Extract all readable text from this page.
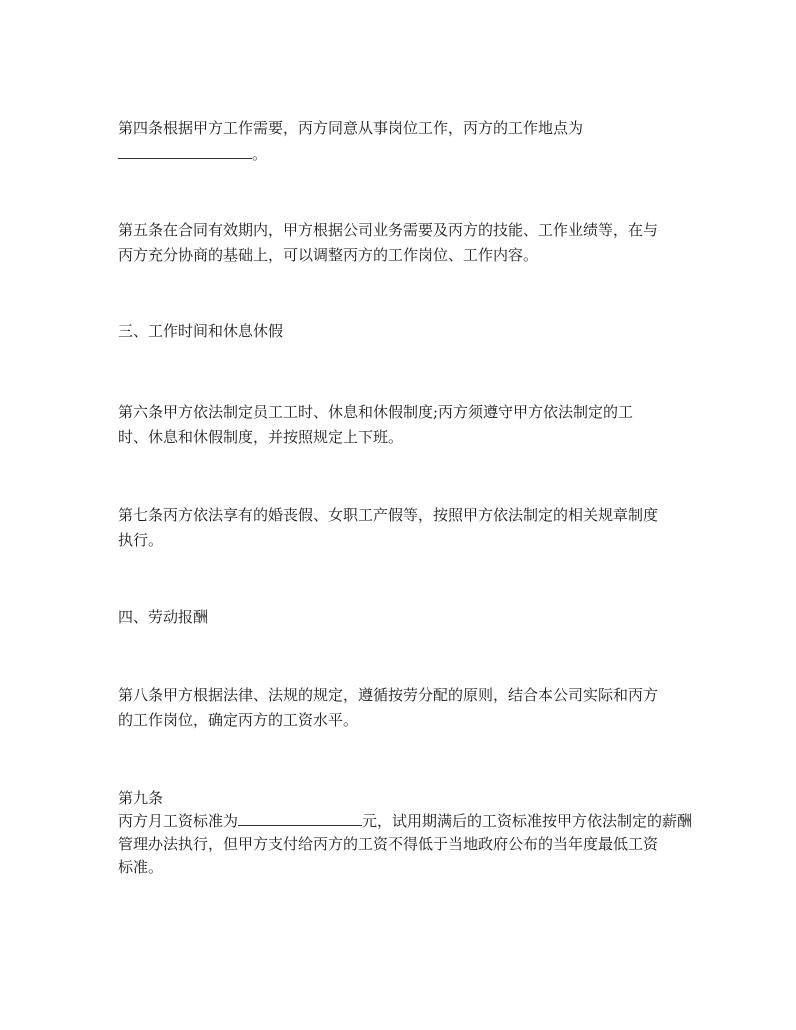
第四条根据甲方工作需要，丙方同意从事岗位工作，丙方的工作地点为
。
第五条在合同有效期内，甲方根据公司业务需要及丙方的技能、工作业绩等，在与
丙方充分协商的基础上，可以调整丙方的工作岗位、工作内容。
三、工作时间和休息休假
第六条甲方依法制定员工工时、休息和休假制度;丙方须遵守甲方依法制定的工
时、休息和休假制度，并按照规定上下班。
第七条丙方依法享有的婚丧假、女职工产假等，按照甲方依法制定的相关规章制度
执行。
四、劳动报酬
第八条甲方根据法律、法规的规定，遵循按劳分配的原则，结合本公司实际和丙方
的工作岗位，确定丙方的工资水平。
第九条
丙方月工资标准为	元，试用期满后的工资标准按甲方依法制定的薪酬
管理办法执行，但甲方支付给丙方的工资不得低于当地政府公布的当年度最低工资
标准。
